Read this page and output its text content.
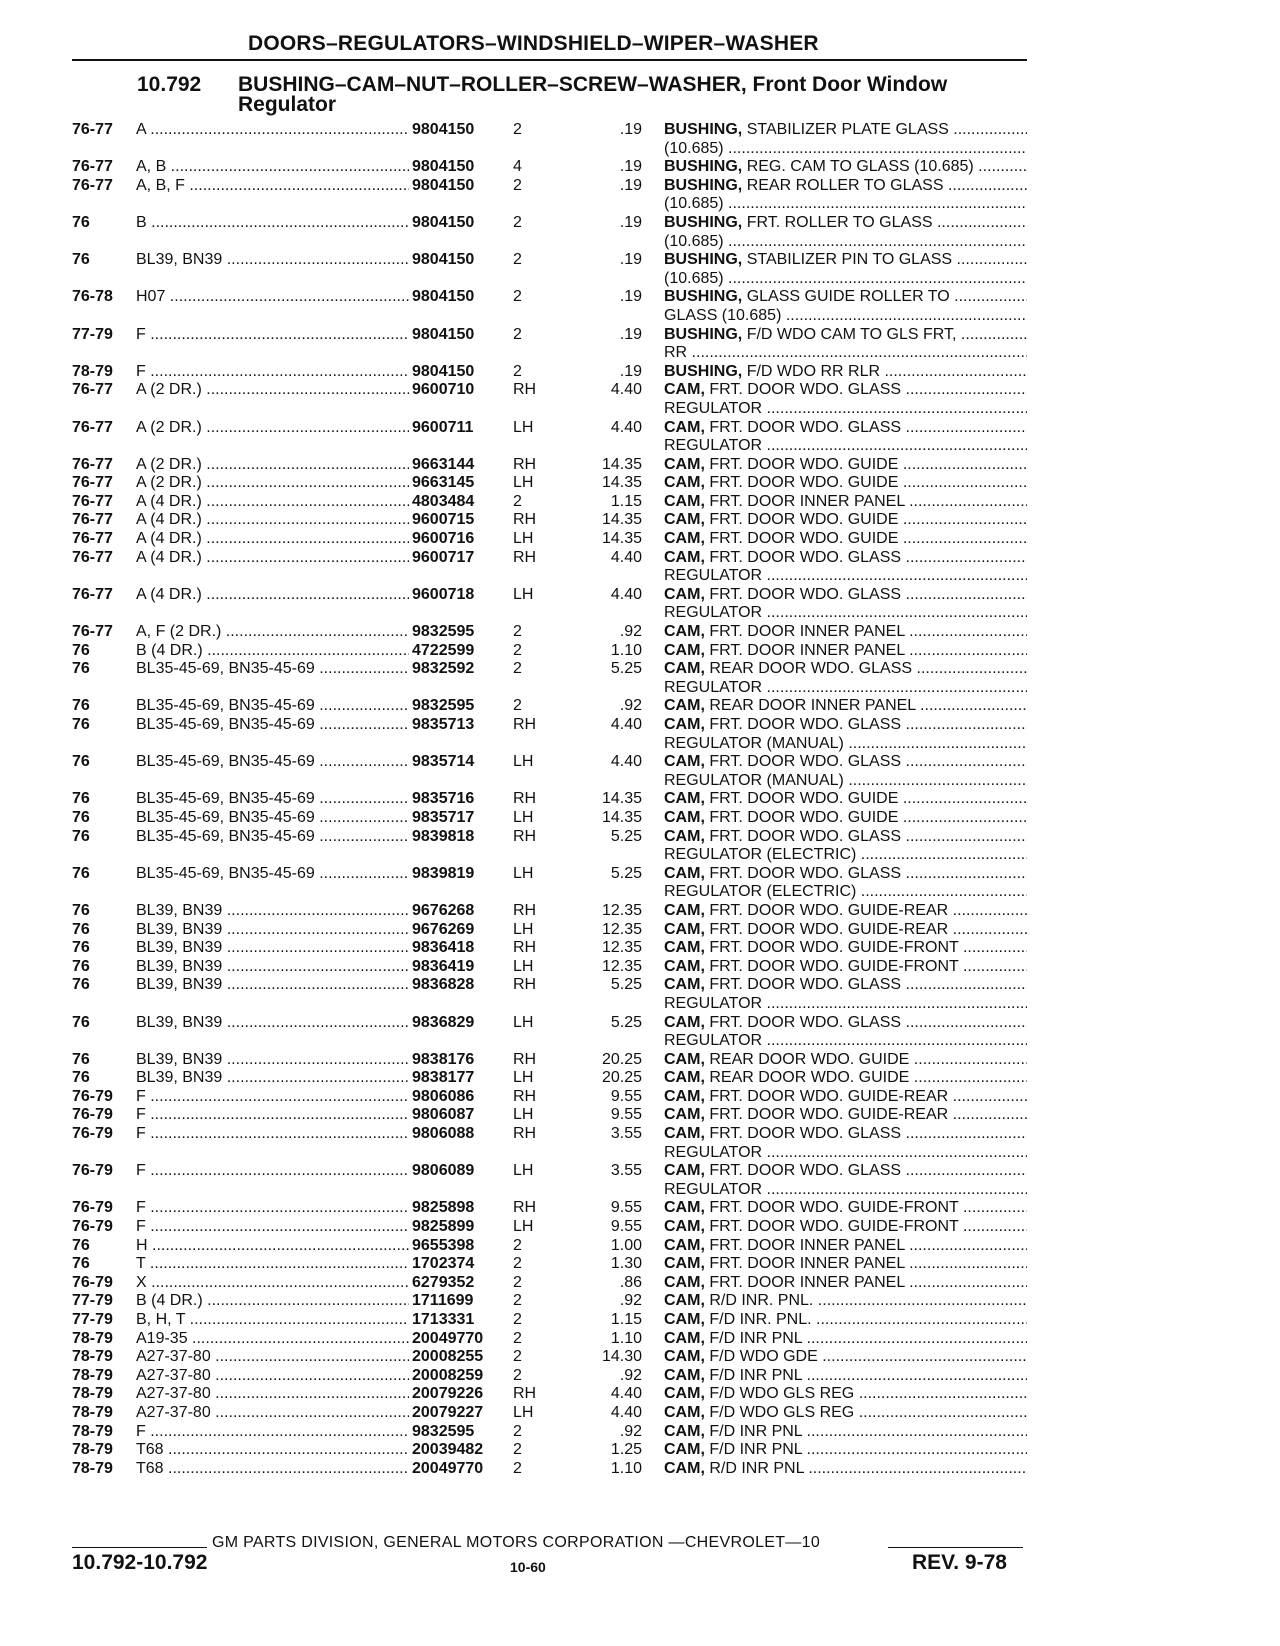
DOORS–REGULATORS–WINDSHIELD–WIPER–WASHER
10.792 BUSHING–CAM–NUT–ROLLER–SCREW–WASHER, Front Door Window
Regulator
76-77	A .....	9804150	2	.19 BUSHING, STABILIZER PLATE GLASS .....
(10.685) .....
76-77	A, B .....	9804150	4	.19 BUSHING, REG. CAM TO GLASS (10.685) .....
76-77	A, B, F .....	9804150	2	.19 BUSHING, REAR ROLLER TO GLASS .....
(10.685) .....
76	B .....	9804150	2	.19 BUSHING, FRT. ROLLER TO GLASS .....
(10.685) .....
76	BL39, BN39 .....	9804150	2	.19 BUSHING, STABILIZER PIN TO GLASS .....
(10.685) .....
76-78	H07 .....	9804150	2	.19 BUSHING, GLASS GUIDE ROLLER TO .....
GLASS (10.685) .....
77-79	F .....	9804150	2	.19 BUSHING, F/D WDO CAM TO GLS FRT, .....
RR .....
78-79	F .....	9804150	2	.19 BUSHING, F/D WDO RR RLR .....
76-77	A (2 DR.) .....	9600710	RH	4.40 CAM, FRT. DOOR WDO. GLASS .....
REGULATOR .....
76-77	A (2 DR.) .....	9600711	LH	4.40 CAM, FRT. DOOR WDO. GLASS .....
REGULATOR .....
76-77	A (2 DR.) .....	9663144	RH	14.35 CAM, FRT. DOOR WDO. GUIDE .....
76-77	A (2 DR.) .....	9663145	LH	14.35 CAM, FRT. DOOR WDO. GUIDE .....
76-77	A (4 DR.) .....	4803484	2	1.15 CAM, FRT. DOOR INNER PANEL .....
76-77	A (4 DR.) .....	9600715	RH	14.35 CAM, FRT. DOOR WDO. GUIDE .....
76-77	A (4 DR.) .....	9600716	LH	14.35 CAM, FRT. DOOR WDO. GUIDE .....
76-77	A (4 DR.) .....	9600717	RH	4.40 CAM, FRT. DOOR WDO. GLASS .....
REGULATOR .....
76-77	A (4 DR.) .....	9600718	LH	4.40 CAM, FRT. DOOR WDO. GLASS .....
REGULATOR .....
76-77	A, F (2 DR.) .....	9832595	2	.92 CAM, FRT. DOOR INNER PANEL .....
76	B (4 DR.) .....	4722599	2	1.10 CAM, FRT. DOOR INNER PANEL .....
76	BL35-45-69, BN35-45-69 .....	9832592	2	5.25 CAM, REAR DOOR WDO. GLASS .....
REGULATOR .....
76	BL35-45-69, BN35-45-69 .....	9832595	2	.92 CAM, REAR DOOR INNER PANEL .....
76	BL35-45-69, BN35-45-69 .....	9835713	RH	4.40 CAM, FRT. DOOR WDO. GLASS .....
REGULATOR (MANUAL) .....
76	BL35-45-69, BN35-45-69 .....	9835714	LH	4.40 CAM, FRT. DOOR WDO. GLASS .....
REGULATOR (MANUAL) .....
76	BL35-45-69, BN35-45-69 .....	9835716	RH	14.35 CAM, FRT. DOOR WDO. GUIDE .....
76	BL35-45-69, BN35-45-69 .....	9835717	LH	14.35 CAM, FRT. DOOR WDO. GUIDE .....
76	BL35-45-69, BN35-45-69 .....	9839818	RH	5.25 CAM, FRT. DOOR WDO. GLASS .....
REGULATOR (ELECTRIC) .....
76	BL35-45-69, BN35-45-69 .....	9839819	LH	5.25 CAM, FRT. DOOR WDO. GLASS .....
REGULATOR (ELECTRIC) .....
76	BL39, BN39 .....	9676268	RH	12.35 CAM, FRT. DOOR WDO. GUIDE-REAR .....
76	BL39, BN39 .....	9676269	LH	12.35 CAM, FRT. DOOR WDO. GUIDE-REAR .....
76	BL39, BN39 .....	9836418	RH	12.35 CAM, FRT. DOOR WDO. GUIDE-FRONT .....
76	BL39, BN39 .....	9836419	LH	12.35 CAM, FRT. DOOR WDO. GUIDE-FRONT .....
76	BL39, BN39 .....	9836828	RH	5.25 CAM, FRT. DOOR WDO. GLASS .....
REGULATOR .....
76	BL39, BN39 .....	9836829	LH	5.25 CAM, FRT. DOOR WDO. GLASS .....
REGULATOR .....
76	BL39, BN39 .....	9838176	RH	20.25 CAM, REAR DOOR WDO. GUIDE .....
76	BL39, BN39 .....	9838177	LH	20.25 CAM, REAR DOOR WDO. GUIDE .....
76-79	F .....	9806086	RH	9.55 CAM, FRT. DOOR WDO. GUIDE-REAR .....
76-79	F .....	9806087	LH	9.55 CAM, FRT. DOOR WDO. GUIDE-REAR .....
76-79	F .....	9806088	RH	3.55 CAM, FRT. DOOR WDO. GLASS .....
REGULATOR .....
76-79	F .....	9806089	LH	3.55 CAM, FRT. DOOR WDO. GLASS .....
REGULATOR .....
76-79	F .....	9825898	RH	9.55 CAM, FRT. DOOR WDO. GUIDE-FRONT .....
76-79	F .....	9825899	LH	9.55 CAM, FRT. DOOR WDO. GUIDE-FRONT .....
76	H .....	9655398	2	1.00 CAM, FRT. DOOR INNER PANEL .....
76	T .....	1702374	2	1.30 CAM, FRT. DOOR INNER PANEL .....
76-79	X .....	6279352	2	.86 CAM, FRT. DOOR INNER PANEL .....
77-79	B (4 DR.) .....	1711699	2	.92 CAM, R/D INR. PNL. .....
77-79	B, H, T .....	1713331	2	1.15 CAM, F/D INR. PNL. .....
78-79	A19-35 .....	20049770	2	1.10 CAM, F/D INR PNL .....
78-79	A27-37-80 .....	20008255	2	14.30 CAM, F/D WDO GDE .....
78-79	A27-37-80 .....	20008259	2	.92 CAM, F/D INR PNL .....
78-79	A27-37-80 .....	20079226	RH	4.40 CAM, F/D WDO GLS REG .....
78-79	A27-37-80 .....	20079227	LH	4.40 CAM, F/D WDO GLS REG .....
78-79	F .....	9832595	2	.92 CAM, F/D INR PNL .....
78-79	T68 .....	20039482	2	1.25 CAM, F/D INR PNL .....
78-79	T68 .....	20049770	2	1.10 CAM, R/D INR PNL .....
GM PARTS DIVISION, GENERAL MOTORS CORPORATION —CHEVROLET—10
10.792-10.792	10-60	REV. 9-78
